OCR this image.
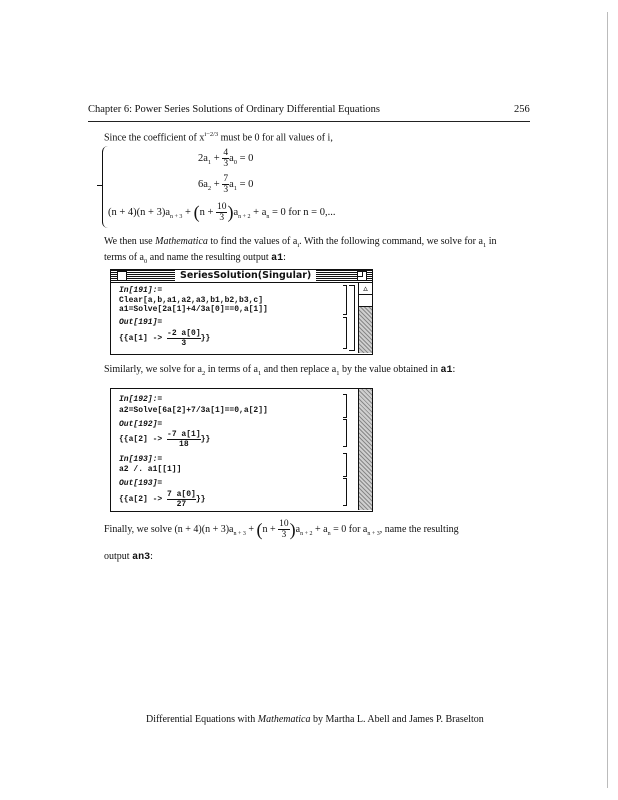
Chapter 6: Power Series Solutions of Ordinary Differential Equations	256
Since the coefficient of $x^{i-2/3}$ must be 0 for all values of i,
$2a_1 + \frac{4}{3} a_0 = 0$
$6a_2 + \frac{7}{3} a_1 = 0$
$(n + 4)(n + 3)a_{n + 3} + (n + \frac{10}{3} )a_{n + 2} + a_n = 0$ for n = 0,...
We then use Mathematica to find the values of $a_i$. With the following command, we solve for $a_1$ in
terms of $a_0$ and name the resulting output a1:
SeriesSolution(Singular)
▵
In[191]:=
Clear[a,b,a1,a2,a3,b1,b2,b3,c]
a1=Solve[2a[1]+4/3a[0]==0,a[1]]
Out[191]=
{{$a[1] -> \frac{-2 a[0]}{3}$ }}
Similarly, we solve for $a_2$ in terms of $a_1$ and then replace $a_1$ by the value obtained in a1:
In[192]:=
a2=Solve[6a[2]+7/3a[1]==0,a[2]]
Out[192]=
{{$a[2] -> \frac{-7 a[1]}{18}$ }}
In[193]:=
a2 /. a1[[1]]
Out[193]=
{{$a[2] -> \frac{7 a[0]}{27}$ }}
Finally, we solve $(n + 4)(n + 3)a_{n + 3} + (n + \frac{10}{3} )a_{n + 2} + a_n = 0$ for $a_{n + 3}$, name the resulting
output an3:
Differential Equations with Mathematica by Martha L. Abell and James P. Braselton
